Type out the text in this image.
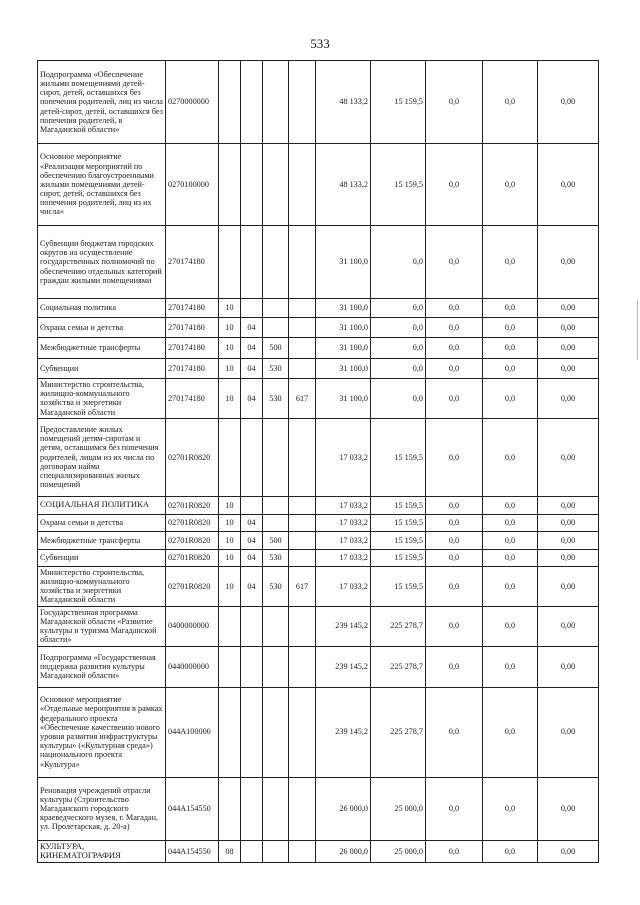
533
Подпрограмма «Обеспечение жилыми помещениями детей-сирот, детей, оставшихся без попечения родителей, лиц из числа детей-сирот, детей, оставшихся без попечения родителей, в Магаданской области»	0270000000					48 133,2	15 159,5	0,0	0,0	0,00
Основное мероприятие «Реализация мероприятий по обеспечению благоустроенными жилыми помещениями детей-сирот, детей, оставшихся без попечения родителей, лиц из их числа»	0270100000					48 133,2	15 159,5	0,0	0,0	0,00
Субвенции бюджетам городских округов на осуществление государственных полномочий по обеспечению отдельных категорий граждан жилыми помещениями	270174180					31 100,0	0,0	0,0	0,0	0,00
Социальная политика	270174180	10				31 100,0	0,0	0,0	0,0	0,00
Охрана семьи и детства	270174180	10	04			31 100,0	0,0	0,0	0,0	0,00
Межбюджетные трансферты	270174180	10	04	500		31 100,0	0,0	0,0	0,0	0,00
Субвенции	270174180	10	04	530		31 100,0	0,0	0,0	0,0	0,00
Министерство строительства, жилищно-коммунального хозяйства и энергетики Магаданской области	270174180	10	04	530	617	31 100,0	0,0	0,0	0,0	0,00
Предоставление жилых помещений детям-сиротам и детям, оставшимся без попечения родителей, лицам из их числа по договорам найма специализированных жилых помещений	02701R0820					17 033,2	15 159,5	0,0	0,0	0,00
СОЦИАЛЬНАЯ ПОЛИТИКА	02701R0820	10				17 033,2	15 159,5	0,0	0,0	0,00
Охрана семьи и детства	02701R0820	10	04			17 033,2	15 159,5	0,0	0,0	0,00
Межбюджетные трансферты	02701R0820	10	04	500		17 033,2	15 159,5	0,0	0,0	0,00
Субвенции	02701R0820	10	04	530		17 033,2	15 159,5	0,0	0,0	0,00
Министерство строительства, жилищно-коммунального хозяйства и энергетики Магаданской области	02701R0820	10	04	530	617	17 033,2	15 159,5	0,0	0,0	0,00
Государственная программа Магаданской области «Развитие культуры и туризма Магаданской области»	0400000000					239 145,2	225 278,7	0,0	0,0	0,00
Подпрограмма «Государственная поддержка развития культуры Магаданской области»	0440000000					239 145,2	225 278,7	0,0	0,0	0,00
Основное мероприятие «Отдельные мероприятия в рамках федерального проекта «Обеспечение качественно нового уровня развития инфраструктуры культуры» («Культурная среда») национального проекта «Культура»	044A100000					239 145,2	225 278,7	0,0	0,0	0,00
Реновация учреждений отрасли культуры (Строительство Магаданского городского краеведческого музея, г. Магадан, ул. Пролетарская, д. 20-а)	044A154550					26 000,0	25 000,0	0,0	0,0	0,00
КУЛЬТУРА, КИНЕМАТОГРАФИЯ	044A154550	08				26 000,0	25 000,0	0,0	0,0	0,00
